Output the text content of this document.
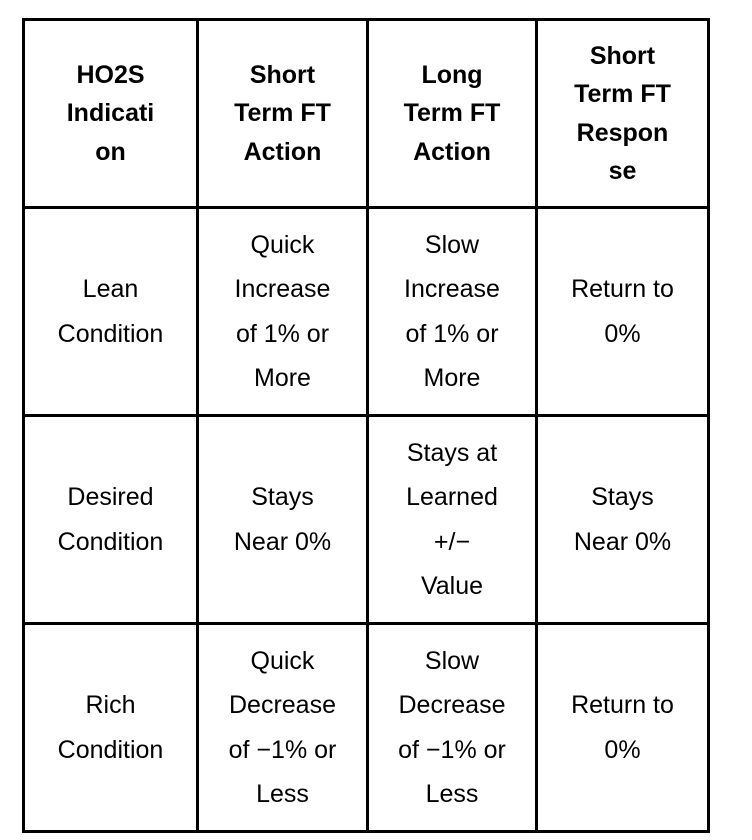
HO2S
Indicati
on
Short
Term FT
Action
Long
Term FT
Action
Short
Term FT
Respon
se
Lean
Condition
Quick
Increase
of 1% or
More
Slow
Increase
of 1% or
More
Return to
0%
Desired
Condition
Stays
Near 0%
Stays at
Learned
+/−
Value
Stays
Near 0%
Rich
Condition
Quick
Decrease
of −1% or
Less
Slow
Decrease
of −1% or
Less
Return to
0%
